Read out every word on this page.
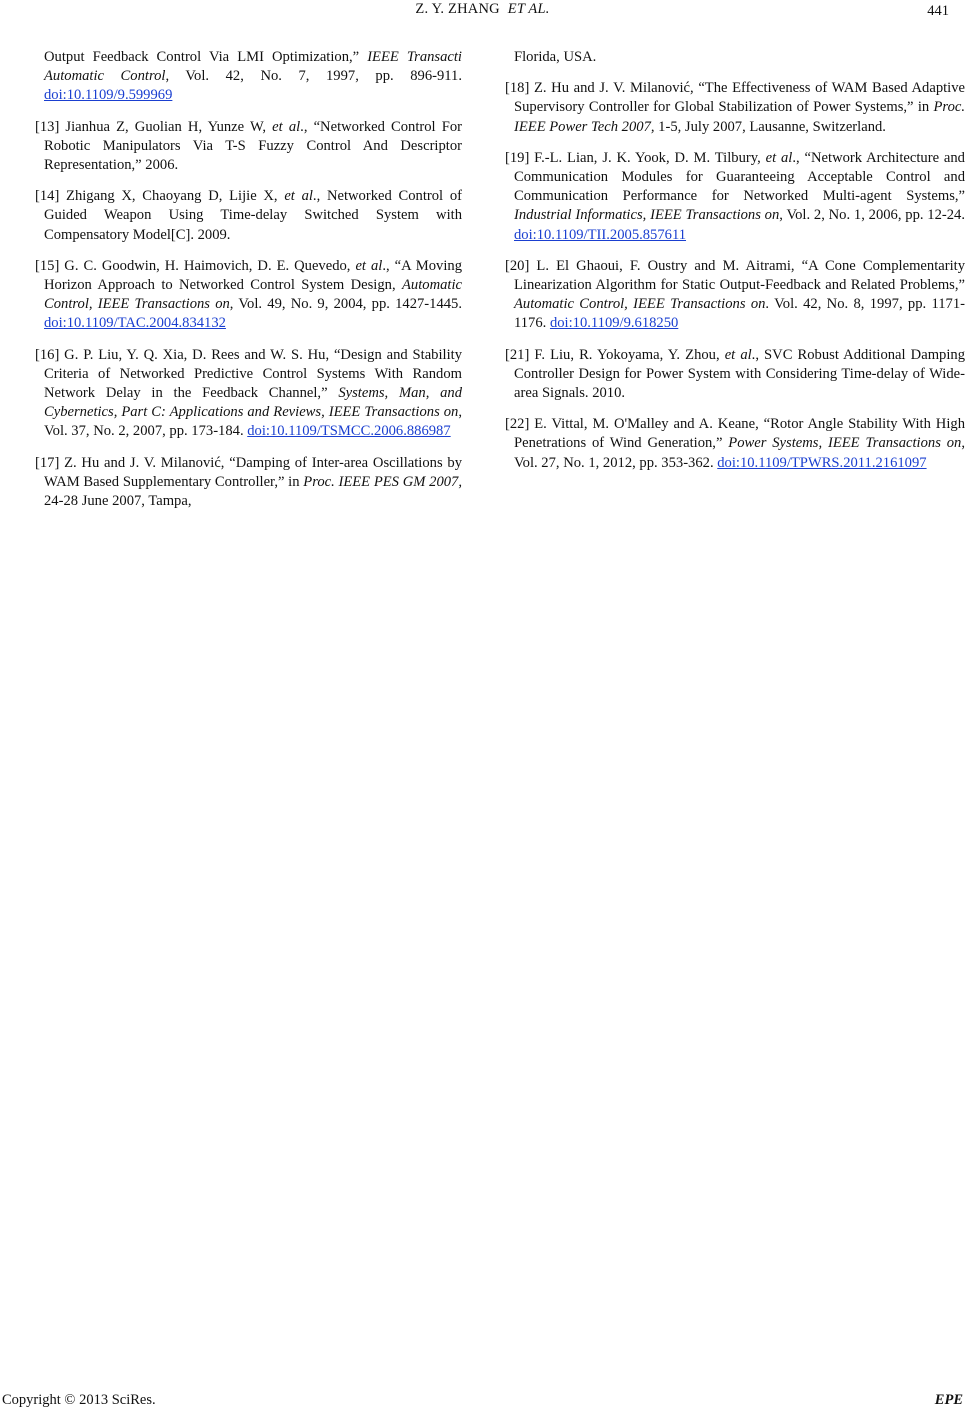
Z. Y. ZHANG ET AL.	441
Output Feedback Control Via LMI Optimization,” IEEE Transacti Automatic Control, Vol. 42, No. 7, 1997, pp. 896-911. doi:10.1109/9.599969
[13] Jianhua Z, Guolian H, Yunze W, et al., “Networked Control For Robotic Manipulators Via T-S Fuzzy Control And Descriptor Representation,” 2006.
[14] Zhigang X, Chaoyang D, Lijie X, et al., Networked Control of Guided Weapon Using Time-delay Switched System with Compensatory Model[C]. 2009.
[15] G. C. Goodwin, H. Haimovich, D. E. Quevedo, et al., “A Moving Horizon Approach to Networked Control System Design, Automatic Control, IEEE Transactions on, Vol. 49, No. 9, 2004, pp. 1427-1445. doi:10.1109/TAC.2004.834132
[16] G. P. Liu, Y. Q. Xia, D. Rees and W. S. Hu, “Design and Stability Criteria of Networked Predictive Control Systems With Random Network Delay in the Feedback Channel,” Systems, Man, and Cybernetics, Part C: Applications and Reviews, IEEE Transactions on, Vol. 37, No. 2, 2007, pp. 173-184. doi:10.1109/TSMCC.2006.886987
[17] Z. Hu and J. V. Milanović, “Damping of Inter-area Oscillations by WAM Based Supplementary Controller,” in Proc. IEEE PES GM 2007, 24-28 June 2007, Tampa,
Florida, USA.
[18] Z. Hu and J. V. Milanović, “The Effectiveness of WAM Based Adaptive Supervisory Controller for Global Stabilization of Power Systems,” in Proc. IEEE Power Tech 2007, 1-5, July 2007, Lausanne, Switzerland.
[19] F.-L. Lian, J. K. Yook, D. M. Tilbury, et al., “Network Architecture and Communication Modules for Guaranteeing Acceptable Control and Communication Performance for Networked Multi-agent Systems,” Industrial Informatics, IEEE Transactions on, Vol. 2, No. 1, 2006, pp. 12-24. doi:10.1109/TII.2005.857611
[20] L. El Ghaoui, F. Oustry and M. Aitrami, “A Cone Complementarity Linearization Algorithm for Static Output-Feedback and Related Problems,” Automatic Control, IEEE Transactions on. Vol. 42, No. 8, 1997, pp. 1171-1176. doi:10.1109/9.618250
[21] F. Liu, R. Yokoyama, Y. Zhou, et al., SVC Robust Additional Damping Controller Design for Power System with Considering Time-delay of Wide-area Signals. 2010.
[22] E. Vittal, M. O'Malley and A. Keane, “Rotor Angle Stability With High Penetrations of Wind Generation,” Power Systems, IEEE Transactions on, Vol. 27, No. 1, 2012, pp. 353-362. doi:10.1109/TPWRS.2011.2161097
Copyright © 2013 SciRes.	EPE
